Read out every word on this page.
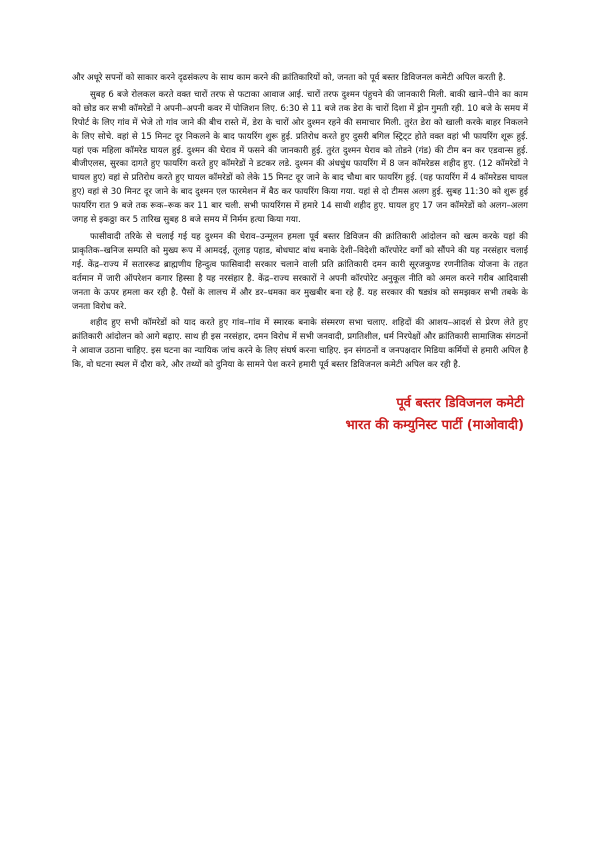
और अधूरे सपनों को साकार करने दृढसंकल्प के साथ काम करने की क्रांतिकारियों को, जनता को पूर्व बस्तर डिविजनल कमेटी अपिल करती है.

सुबह 6 बजे रोलकल करते वक्त चारों तरफ से फटाका आवाज आई. चारों तरफ दुश्मन पंहुचने की जानकारी मिली. बाकी खाने–पीने का काम को छोड कर सभी कॉमरेडों ने अपनी–अपनी कवर में पोजिशन लिए. 6:30 से 11 बजे तक डेरा के चारों दिशा में ड्रोन गुमती रही. 10 बजे के समय में रिपोर्ट के लिए गांव में भेजे तो गांव जाने की बीच रास्ते में, डेरा के चारों ओर दुश्मन रहने की समाचार मिली. तुरंत डेरा को खाली करके बाहर निकलने के लिए सोचे. वहां से 15 मिनट दूर निकलने के बाद फायरिंग शुरू हुई. प्रतिरोध करते हुए दुसरी बगिल स्ट्रिट्‌ट होते वक्त वहां भी फायरिंग शूरू हुई. यहां एक महिला कॉमरेड घायल हुई. दुश्मन की घेराव में फसने की जानकारी हुई. तुरंत दुश्मन घेराव को तोडने (गंड) की टीम बन कर एडवान्स हुई. बीजीएलस, सुरका दागते हुए फायरिंग करते हुए कॉमरेडों ने डटकर लडे. दुश्मन की अंधधुंध फायरिंग में 8 जन कॉमरेडस शहीद हुए. (12 कॉमरेडों ने घायल हुए) वहां से प्रतिरोध करते हुए घायल कॉमरेडों को लेके 15 मिनट दूर जाने के बाद चौथा बार फायरिंग हुई. (यह फायरिंग में 4 कॉमरेडस घायल हुए) वहां से 30 मिनट दूर जाने के बाद दुश्मन एल फारमेशन में बैठ कर फायरिंग किया गया. यहां से दो टीमस अलग हुई. सुबह 11:30 को शुरू हुई फायरिंग रात 9 बजे तक रूक–रूक कर 11 बार चली. सभी फायरिंगस में हमारे 14 साथी शहीद हुए. घायल हुए 17 जन कॉमरेडों को अलग–अलग जगह से इकठ्ठा कर 5 तारिख सुबह 8 बजे समय में निर्मम हत्या किया गया.

फासीवादी तरिके से चलाई गई यह दुश्मन की घेराव–उन्मूलन हमला पूर्व बस्तर डिविजन की क्रांतिकारी आंदोलन को खत्म करके यहां की प्राकृतिक–खनिज सम्पति को मुख्य रूप में आमदई, तूलाड़ पहाड, बोधघाट बांध बनाके देशी–विदेशी कॉरपोरेट वर्गों को सौंपने की यह नरसंहार चलाई गई. केंद्र–राज्य में सताररूढ ब्राह्मणीय हिन्दुत्व फासिवादी सरकार चलाने वाली प्रति क्रांतिकारी दमन कारी सूरजकुण्ड रणनीतिक योजना के तहत वर्तमान में जारी ऑपरेशन कगार हिस्सा है यह नरसंहार है. केंद्र–राज्य सरकारों ने अपनी कॉरपोरेट अनुकूल नीति को अमल करने गरीब आदिवासी जनता के ऊपर हमला कर रही है. पैसों के लालच में और डर–धमका कर मुखबीर बना रहे हैं. यह सरकार की षड्यंत्र को समझकर सभी तबके के जनता विरोध करे.

शहीद हुए सभी कॉमरेडों को याद करते हुए गांव–गांव में स्मारक बनाके संस्मरण सभा चलाए. शहिदों की आशय–आदर्श से प्रेरण लेते हुए क्रांतिकारी आंदोलन को आगे बढ़ाए. साथ ही इस नरसंहार, दमन विरोध में सभी जनवादी, प्रगतिशील, धर्म निरपेक्षों और क्रांतिकारी सामाजिक संगठनों ने आवाज उठाना चाहिए. इस घटना का न्यायिक जांच करने के लिए संघर्ष करना चाहिए. इन संगठनों व जनपक्षदार मिडिया कर्मियों से हमारी अपिल है कि, वो घटना स्थल में दौरा करे, और तथ्यों को दुनिया के सामने पेश करने हमारी पूर्व बस्तर डिविजनल कमेटी अपिल कर रही है.

पूर्व बस्तर डिविजनल कमेटी
भारत की कम्युनिस्ट पार्टी (माओवादी)
